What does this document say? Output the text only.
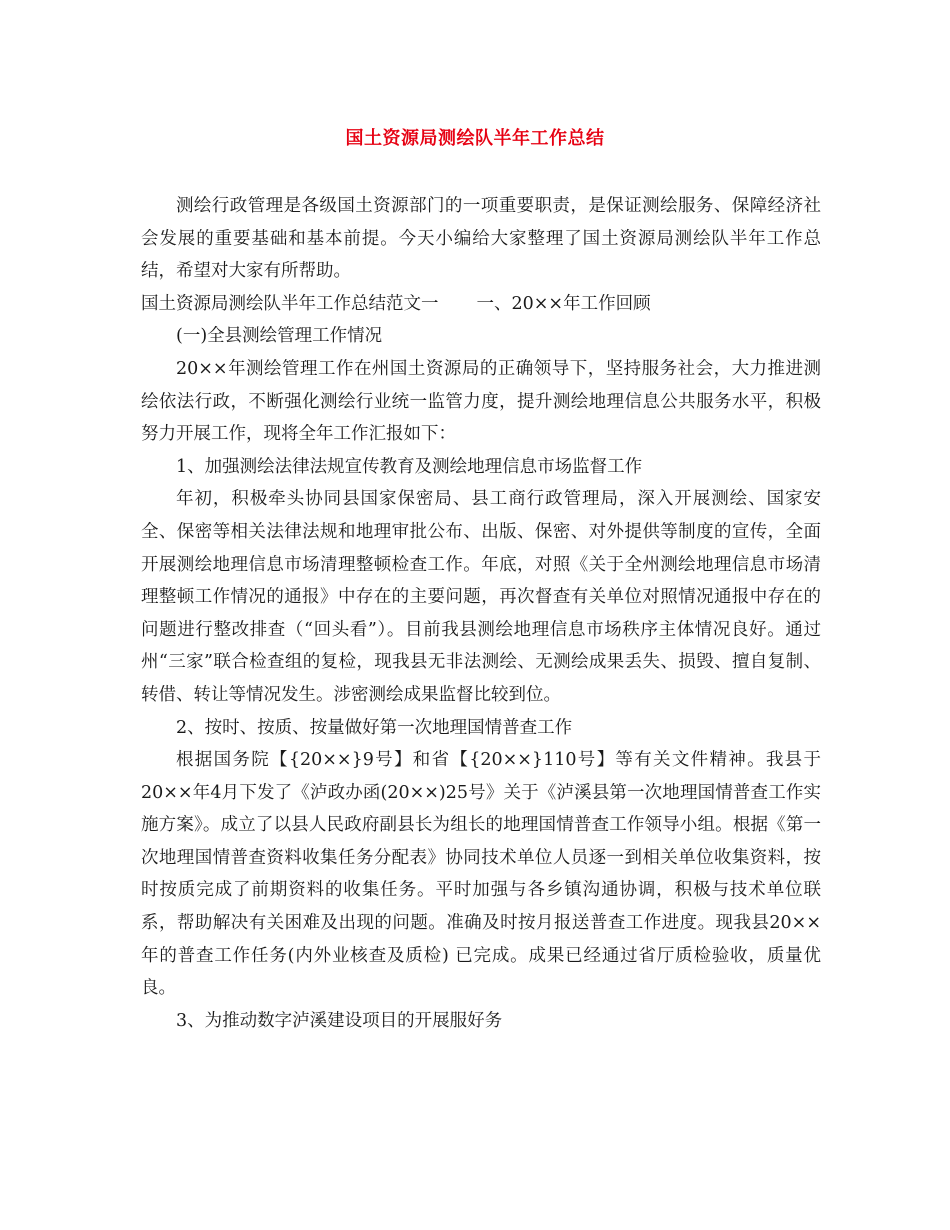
国土资源局测绘队半年工作总结

测绘行政管理是各级国土资源部门的一项重要职责，是保证测绘服务、保障经济社会发展的重要基础和基本前提。今天小编给大家整理了国土资源局测绘队半年工作总结，希望对大家有所帮助。

国土资源局测绘队半年工作总结范文一 一、20××年工作回顾

(一)全县测绘管理工作情况

20××年测绘管理工作在州国土资源局的正确领导下，坚持服务社会，大力推进测绘依法行政，不断强化测绘行业统一监管力度，提升测绘地理信息公共服务水平，积极努力开展工作，现将全年工作汇报如下：

1、加强测绘法律法规宣传教育及测绘地理信息市场监督工作

年初，积极牵头协同县国家保密局、县工商行政管理局，深入开展测绘、国家安全、保密等相关法律法规和地理审批公布、出版、保密、对外提供等制度的宣传，全面开展测绘地理信息市场清理整顿检查工作。年底，对照《关于全州测绘地理信息市场清理整顿工作情况的通报》中存在的主要问题，再次督查有关单位对照情况通报中存在的问题进行整改排查（“回头看”）。目前我县测绘地理信息市场秩序主体情况良好。通过州“三家”联合检查组的复检，现我县无非法测绘、无测绘成果丢失、损毁、擅自复制、转借、转让等情况发生。涉密测绘成果监督比较到位。

2、按时、按质、按量做好第一次地理国情普查工作

根据国务院【{20××}9号】和省【{20××}110号】等有关文件精神。我县于20××年4月下发了《泸政办函(20××)25号》关于《泸溪县第一次地理国情普查工作实施方案》。成立了以县人民政府副县长为组长的地理国情普查工作领导小组。根据《第一次地理国情普查资料收集任务分配表》协同技术单位人员逐一到相关单位收集资料，按时按质完成了前期资料的收集任务。平时加强与各乡镇沟通协调，积极与技术单位联系，帮助解决有关困难及出现的问题。准确及时按月报送普查工作进度。现我县20××年的普查工作任务(内外业核查及质检) 已完成。成果已经通过省厅质检验收，质量优良。

3、为推动数字泸溪建设项目的开展服好务
